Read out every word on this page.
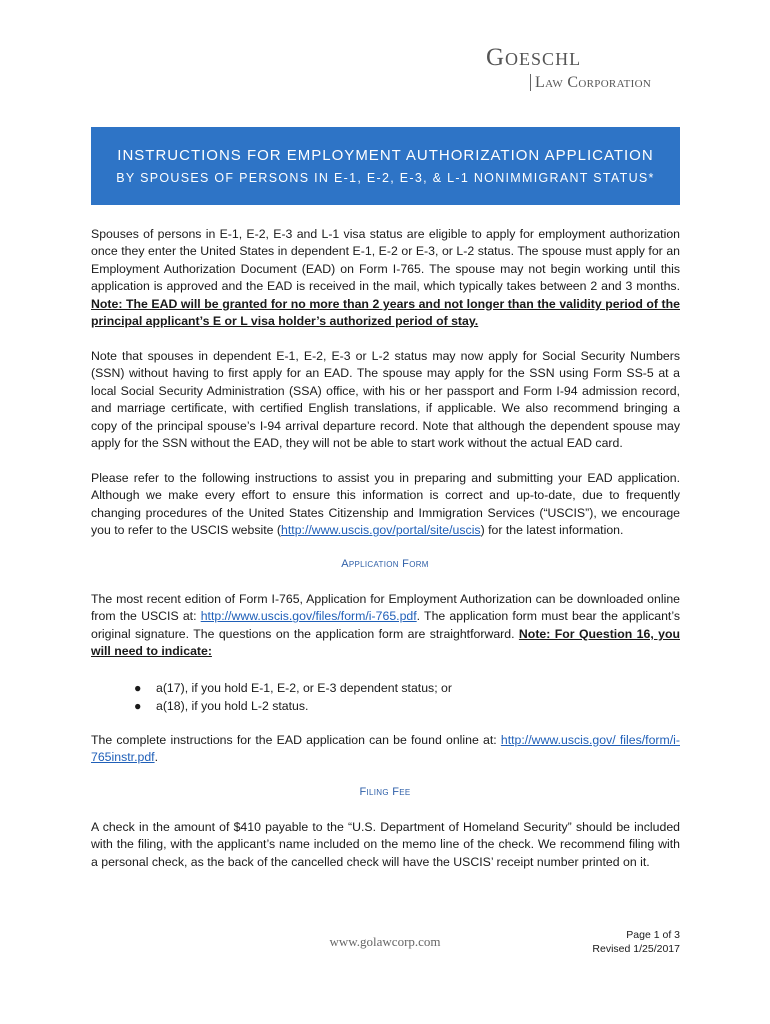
Goeschl
Law Corporation
INSTRUCTIONS FOR EMPLOYMENT AUTHORIZATION APPLICATION
BY SPOUSES OF PERSONS IN E-1, E-2, E-3, & L-1 NONIMMIGRANT STATUS*
Spouses of persons in E-1, E-2, E-3 and L-1 visa status are eligible to apply for employment authorization once they enter the United States in dependent E-1, E-2 or E-3, or L-2 status. The spouse must apply for an Employment Authorization Document (EAD) on Form I-765. The spouse may not begin working until this application is approved and the EAD is received in the mail, which typically takes between 2 and 3 months. Note: The EAD will be granted for no more than 2 years and not longer than the validity period of the principal applicant’s E or L visa holder’s authorized period of stay.
Note that spouses in dependent E-1, E-2, E-3 or L-2 status may now apply for Social Security Numbers (SSN) without having to first apply for an EAD. The spouse may apply for the SSN using Form SS-5 at a local Social Security Administration (SSA) office, with his or her passport and Form I-94 admission record, and marriage certificate, with certified English translations, if applicable. We also recommend bringing a copy of the principal spouse’s I-94 arrival departure record. Note that although the dependent spouse may apply for the SSN without the EAD, they will not be able to start work without the actual EAD card.
Please refer to the following instructions to assist you in preparing and submitting your EAD application. Although we make every effort to ensure this information is correct and up-to-date, due to frequently changing procedures of the United States Citizenship and Immigration Services (“USCIS”), we encourage you to refer to the USCIS website (http://www.uscis.gov/portal/site/uscis) for the latest information.
Application Form
The most recent edition of Form I-765, Application for Employment Authorization can be downloaded online from the USCIS at: http://www.uscis.gov/files/form/i-765.pdf. The application form must bear the applicant’s original signature. The questions on the application form are straightforward. Note: For Question 16, you will need to indicate:
● a(17), if you hold E-1, E-2, or E-3 dependent status; or
● a(18), if you hold L-2 status.
The complete instructions for the EAD application can be found online at: http://www.uscis.gov/ files/form/i-765instr.pdf.
Filing Fee
A check in the amount of $410 payable to the “U.S. Department of Homeland Security” should be included with the filing, with the applicant’s name included on the memo line of the check. We recommend filing with a personal check, as the back of the cancelled check will have the USCIS’ receipt number printed on it.
www.golawcorp.com	Page 1 of 3
Revised 1/25/2017
